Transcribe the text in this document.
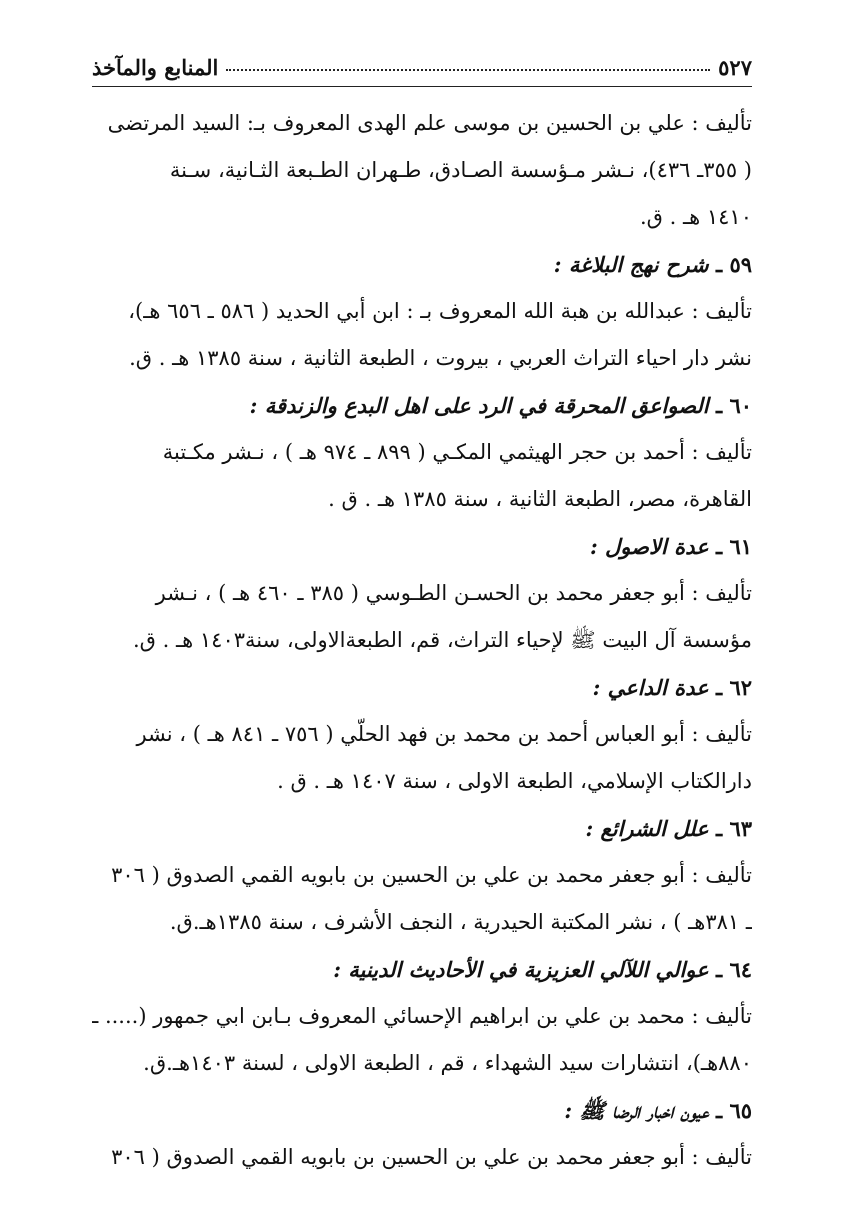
٥٢٧
المنابع والمآخذ
تأليف : علي بن الحسين بن موسى علم الهدى المعروف بـ: السيد المرتضى
( ٣٥٥ـ ٤٣٦)، نـشر مـؤسسة الصـادق، طـهران الطـبعة الثـانية، سـنة
١٤١٠ هـ . ق.
٥٩ ـ شرح نهج البلاغة :
تأليف : عبدالله بن هبة الله المعروف بـ : ابن أبي الحديد ( ٥٨٦ ـ ٦٥٦ هـ)،
نشر دار احياء التراث العربي ، بيروت ، الطبعة الثانية ، سنة ١٣٨٥ هـ . ق.
٦٠ ـ الصواعق المحرقة في الرد على اهل البدع والزندقة :
تأليف : أحمد بن حجر الهيثمي المكـي ( ٨٩٩ ـ ٩٧٤ هـ ) ، نـشر مكـتبة
القاهرة، مصر، الطبعة الثانية ، سنة ١٣٨٥ هـ . ق .
٦١ ـ عدة الاصول :
تأليف : أبو جعفر محمد بن الحسـن الطـوسي ( ٣٨٥ ـ ٤٦٠ هـ ) ، نـشر
مؤسسة آل البيت ﷺ لإحياء التراث، قم، الطبعةالاولى، سنة١٤٠٣ هـ . ق.
٦٢ ـ عدة الداعي :
تأليف : أبو العباس أحمد بن محمد بن فهد الحلّي ( ٧٥٦ ـ ٨٤١ هـ ) ، نشر
دارالكتاب الإسلامي، الطبعة الاولى ، سنة ١٤٠٧ هـ . ق .
٦٣ ـ علل الشرائع :
تأليف : أبو جعفر محمد بن علي بن الحسين بن بابويه القمي الصدوق ( ٣٠٦
ـ ٣٨١هـ ) ، نشر المكتبة الحيدرية ، النجف الأشرف ، سنة ١٣٨٥هـ.ق.
٦٤ ـ عوالي اللآلي العزيزية في الأحاديث الدينية :
تأليف : محمد بن علي بن ابراهيم الإحسائي المعروف بـابن ابي جمهور (..... ـ
٨٨٠هـ)، انتشارات سيد الشهداء ، قم ، الطبعة الاولى ، لسنة ١٤٠٣هـ.ق.
٦٥ ـ عيون اخبار الرضا ﷺ :
تأليف : أبو جعفر محمد بن علي بن الحسين بن بابويه القمي الصدوق ( ٣٠٦
